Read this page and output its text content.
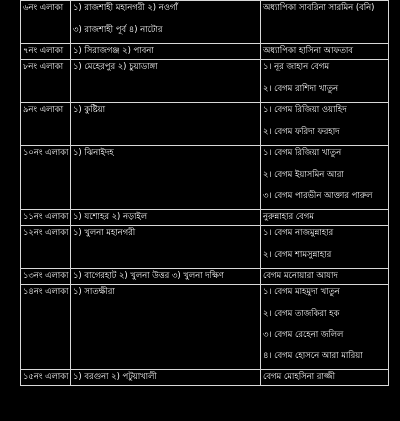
৬নং এলাকা	১) রাজশাহী মহানগরী ২) নওগাঁ
৩) রাজশাহী পূর্ব ৪) নাটোর	অধ্যাপিকা সাবরিনা সারমিন (বনি)

৭নং এলাকা	১) সিরাজগঞ্জ ২) পাবনা	অধ্যাপিকা হাসিনা আফতাব

৮নং এলাকা	১) মেহেরপুর ২) চুয়াডাঙ্গা	১। নূর জাহান বেগম
২। বেগম রাশিদা খাতুন

৯নং এলাকা	১) কুষ্টিয়া	১। বেগম রিজিয়া ওয়াহিদ
২। বেগম ফরিদা ফরহাদ

১০নং এলাকা	১) ঝিনাইদহ	১। বেগম রিজিয়া খাতুন
২। বেগম ইয়াসমিন আরা
৩। বেগম পারভীন আক্তার পারুল

১১নং এলাকা	১) যশোহর ২) নড়াইল	নুরুন্নাহার বেগম

১২নং এলাকা	১) খুলনা মহানগরী	১। বেগম নাজমুন্নাহার
২। বেগম শামসুন্নাহার

১৩নং এলাকা	১) বাগেরহাট ২) খুলনা উত্তর ৩) খুলনা দক্ষিণ	বেগম মনোয়ারা আযাদ

১৪নং এলাকা	১) সাতক্ষীরা	১। বেগম মাহমুদা খাতুন
২। বেগম তাজকিরা হক
৩। বেগম রেহেনা জলিল
৪। বেগম হোসনে আরা মারিয়া

১৫নং এলাকা	১) বরগুনা ২) পটুয়াখালী	বেগম মোহসিনা রাজ্জী
